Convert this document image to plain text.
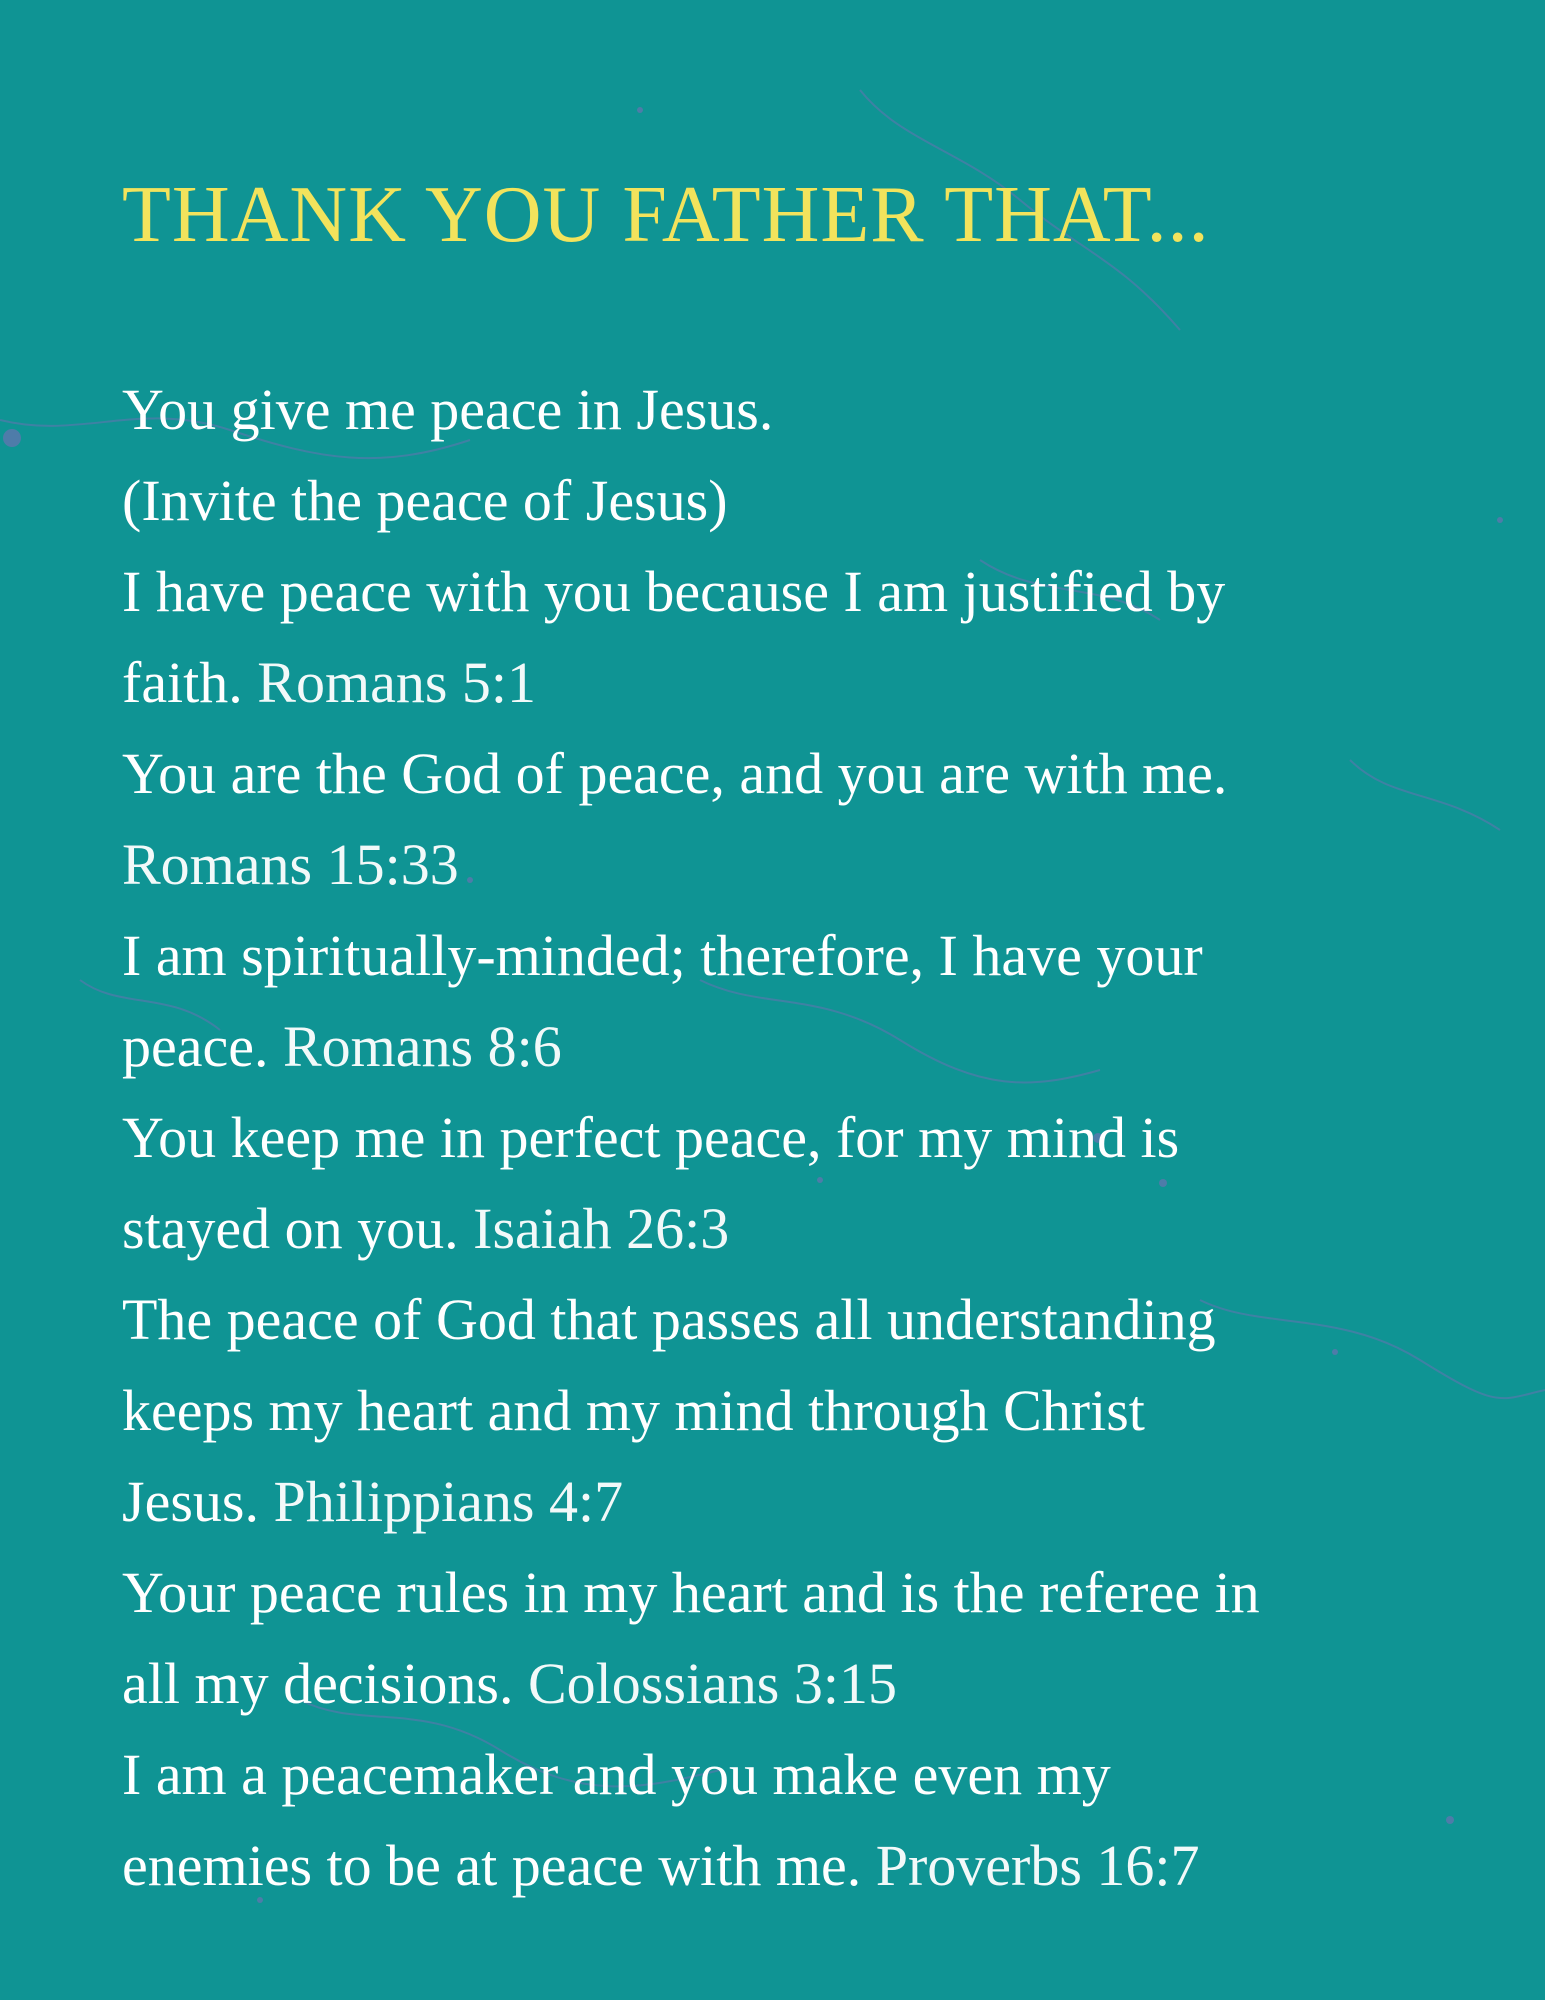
THANK YOU FATHER THAT...
You give me peace in Jesus.
(Invite the peace of Jesus)
I have peace with you because I am justified by
faith. Romans 5:1
You are the God of peace, and you are with me.
Romans 15:33
I am spiritually-minded; therefore, I have your
peace. Romans 8:6
You keep me in perfect peace, for my mind is
stayed on you. Isaiah 26:3
The peace of God that passes all understanding
keeps my heart and my mind through Christ
Jesus. Philippians 4:7
Your peace rules in my heart and is the referee in
all my decisions. Colossians 3:15
I am a peacemaker and you make even my
enemies to be at peace with me. Proverbs 16:7
